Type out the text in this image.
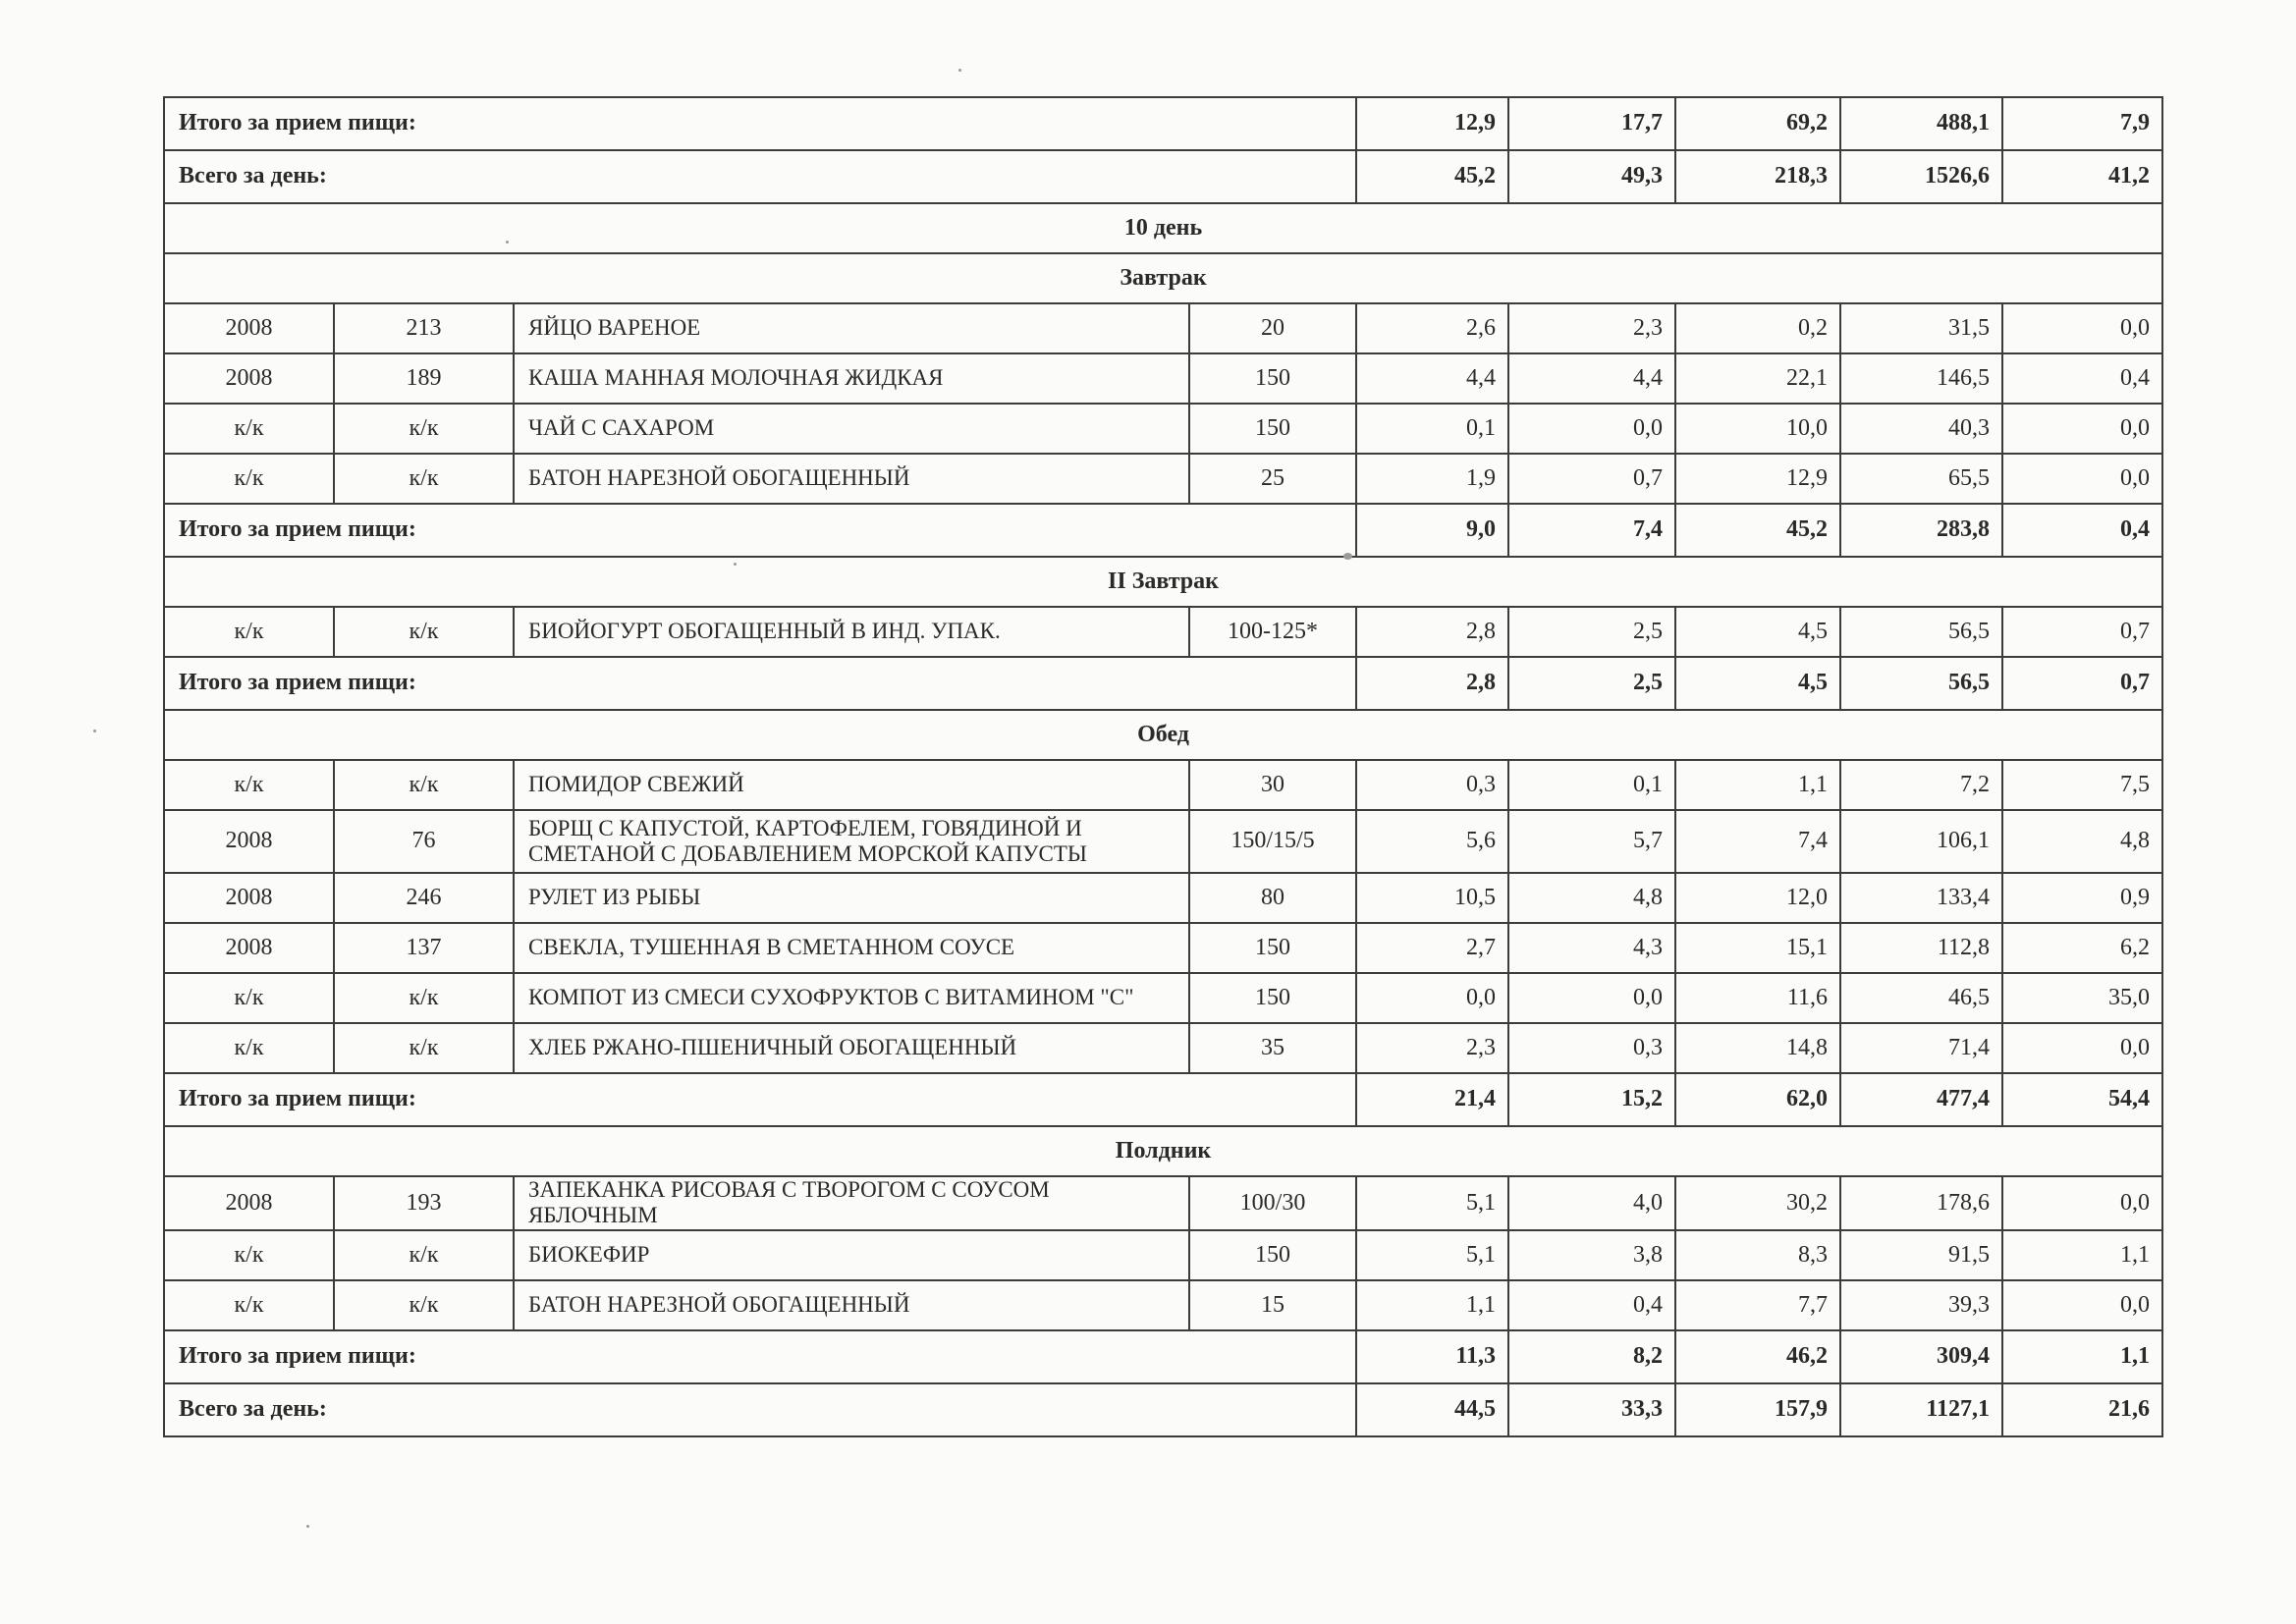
Итого за прием пищи:				12,9	17,7	69,2	488,1	7,9
Всего за день:				45,2	49,3	218,3	1526,6	41,2
10 день								
Завтрак								
2008	213	ЯЙЦО ВАРЕНОЕ	20	2,6	2,3	0,2	31,5	0,0
2008	189	КАША МАННАЯ МОЛОЧНАЯ ЖИДКАЯ	150	4,4	4,4	22,1	146,5	0,4
к/к	к/к	ЧАЙ С САХАРОМ	150	0,1	0,0	10,0	40,3	0,0
к/к	к/к	БАТОН НАРЕЗНОЙ ОБОГАЩЕННЫЙ	25	1,9	0,7	12,9	65,5	0,0
Итого за прием пищи:				9,0	7,4	45,2	283,8	0,4
II Завтрак								
к/к	к/к	БИОЙОГУРТ ОБОГАЩЕННЫЙ В ИНД. УПАК.	100-125*	2,8	2,5	4,5	56,5	0,7
Итого за прием пищи:				2,8	2,5	4,5	56,5	0,7
Обед								
к/к	к/к	ПОМИДОР СВЕЖИЙ	30	0,3	0,1	1,1	7,2	7,5
2008	76	БОРЩ С КАПУСТОЙ, КАРТОФЕЛЕМ, ГОВЯДИНОЙ И СМЕТАНОЙ С ДОБАВЛЕНИЕМ МОРСКОЙ КАПУСТЫ	150/15/5	5,6	5,7	7,4	106,1	4,8
2008	246	РУЛЕТ ИЗ РЫБЫ	80	10,5	4,8	12,0	133,4	0,9
2008	137	СВЕКЛА, ТУШЕННАЯ В СМЕТАННОМ СОУСЕ	150	2,7	4,3	15,1	112,8	6,2
к/к	к/к	КОМПОТ ИЗ СМЕСИ СУХОФРУКТОВ С ВИТАМИНОМ "С"	150	0,0	0,0	11,6	46,5	35,0
к/к	к/к	ХЛЕБ РЖАНО-ПШЕНИЧНЫЙ ОБОГАЩЕННЫЙ	35	2,3	0,3	14,8	71,4	0,0
Итого за прием пищи:				21,4	15,2	62,0	477,4	54,4
Полдник								
2008	193	ЗАПЕКАНКА РИСОВАЯ С ТВОРОГОМ С СОУСОМ ЯБЛОЧНЫМ	100/30	5,1	4,0	30,2	178,6	0,0
к/к	к/к	БИОКЕФИР	150	5,1	3,8	8,3	91,5	1,1
к/к	к/к	БАТОН НАРЕЗНОЙ ОБОГАЩЕННЫЙ	15	1,1	0,4	7,7	39,3	0,0
Итого за прием пищи:				11,3	8,2	46,2	309,4	1,1
Всего за день:				44,5	33,3	157,9	1127,1	21,6
